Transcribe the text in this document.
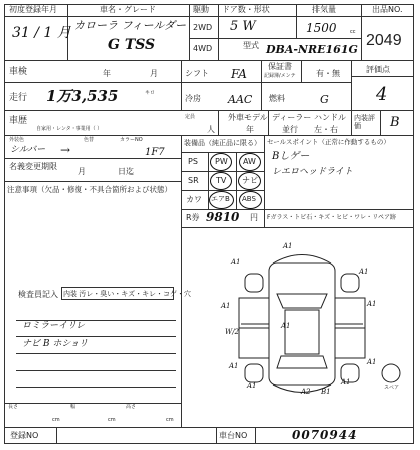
初度登録年月
31 / 1 月
車名・グレード
カローラ フィールダー
G TSS
駆動
2WD
4WD
ドア数・形状
5 W
排気量
1500	cc
型式 DBA-NRE161G
出品NO.
2049
車検	年	月	シフト FA
保証書
記録簿/メンテ	有・無	評価点
4
走行 1万3,535	キロ
冷房 AAC 燃料	G
内装評価	B
車歴
自家用・レンタ・事業用（ ）
定員
人
外車モデル
年
ディーラー
並行
ハンドル
左・右
外装色
シルバー →
色替	カラーNO
1F7
装備品（純正品に限る）
PS PW AW
SR TV ナビ
カワ エアB ABS
R券 9810 円
セールスポイント（正常に作動するもの）
Bしゲー
レエロヘッドライト
名義変更期限
月	日迄
注意事項（欠品・修復・不具合箇所および状態）
検査員記入 内装 汚レ・臭い・キズ・キレ・コゲ・穴
ロミラーイリレ
ナビ B ホショリ
Fガラス・トビ石・キズ・ヒビ・ワレ・リペア跡
A1
A1
A1
A1
W/2
A1
A1
A1	A1
A2 B1
A1
A1	スペア
長さ
cm
幅
cm
高さ
cm
登録NO	車台NO	0070944
